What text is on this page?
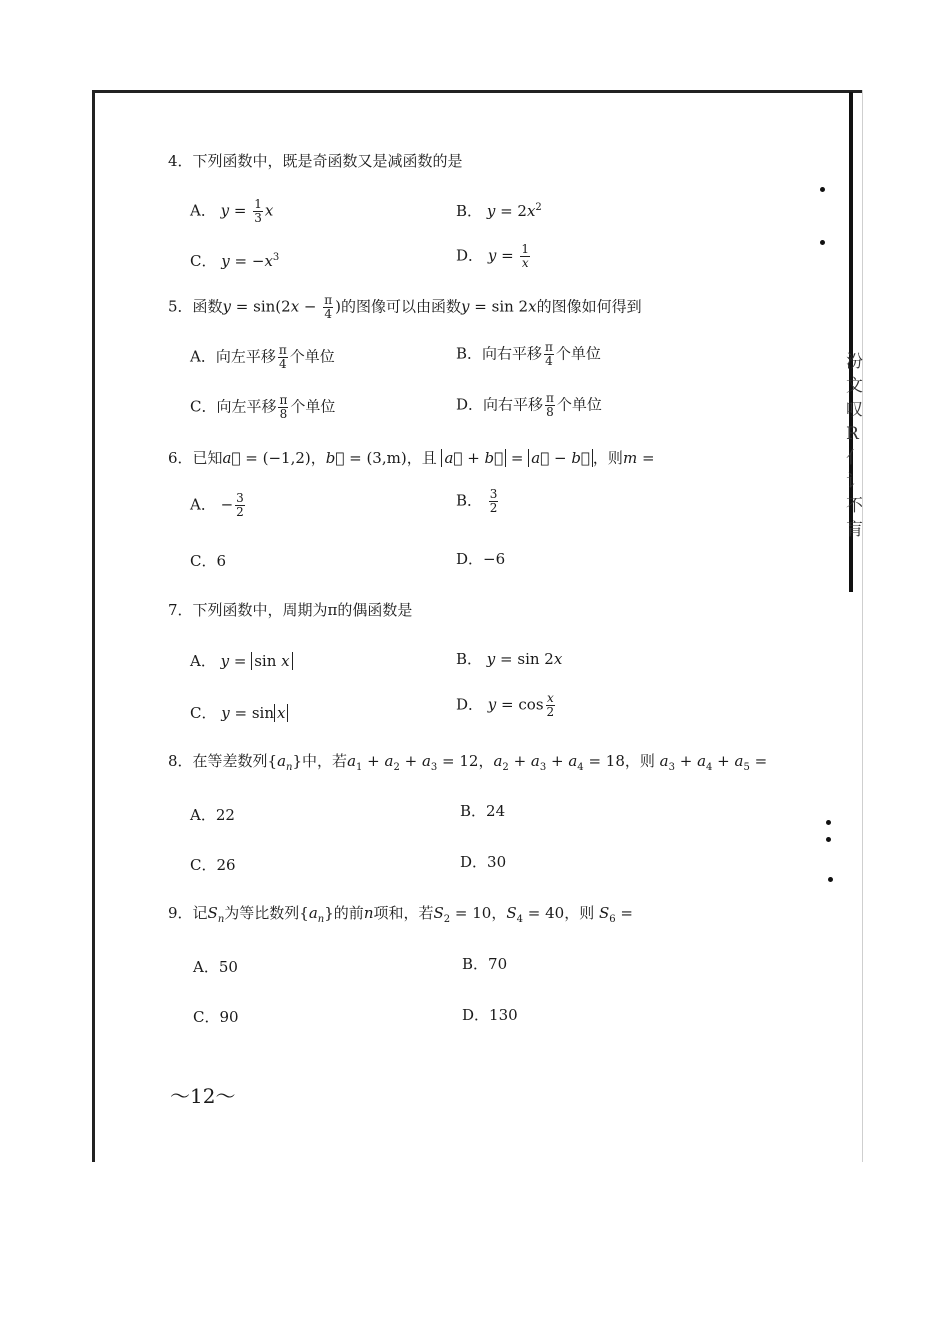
汾文叹 R 亻 讠 不 肓
4．下列函数中，既是奇函数又是减函数的是
A． $y = \frac{1}{3}$ x	B． $y = 2x^2$
C． $y = -x^3$	D． $y = \frac{1}{x}$
5．函数$y = \sin(2x - \frac{\pi}{4}$ )的图像可以由函数y = sin 2x的图像如何得到
A．向左平移 $\frac{\pi}{4}$ 个单位	B．向右平移 $\frac{\pi}{4}$ 个单位
C．向左平移 $\frac{\pi}{8}$ 个单位	D．向右平移 $\frac{\pi}{8}$ 个单位
6．已知a⃗ = (−1,2)，b⃗ = (3,m)，且 a⃗ + b⃗ = a⃗ − b⃗ ，则m =
A． − $\frac{3}{2}$	B． $\frac{3}{2}$
C．6	D．−6
7．下列函数中，周期为π的偶函数是
A． y = sin x	B． y = sin 2x
C． y = sin x	D． $y = \cos \frac{x}{2}$
8．在等差数列$\{a_n\}$中，若$a_1 + a_2 + a_3 = 12$，$a_2 + a_3 + a_4 = 18$，则 $a_3 + a_4 + a_5$ =
A．22	B．24
C．26	D．30
9．记$S_n$为等比数列$\{a_n\}$的前n项和，若$S_2 = 10$，$S_4 = 40$，则 $S_6$ =
A．50	B．70
C．90	D．130
～12～
